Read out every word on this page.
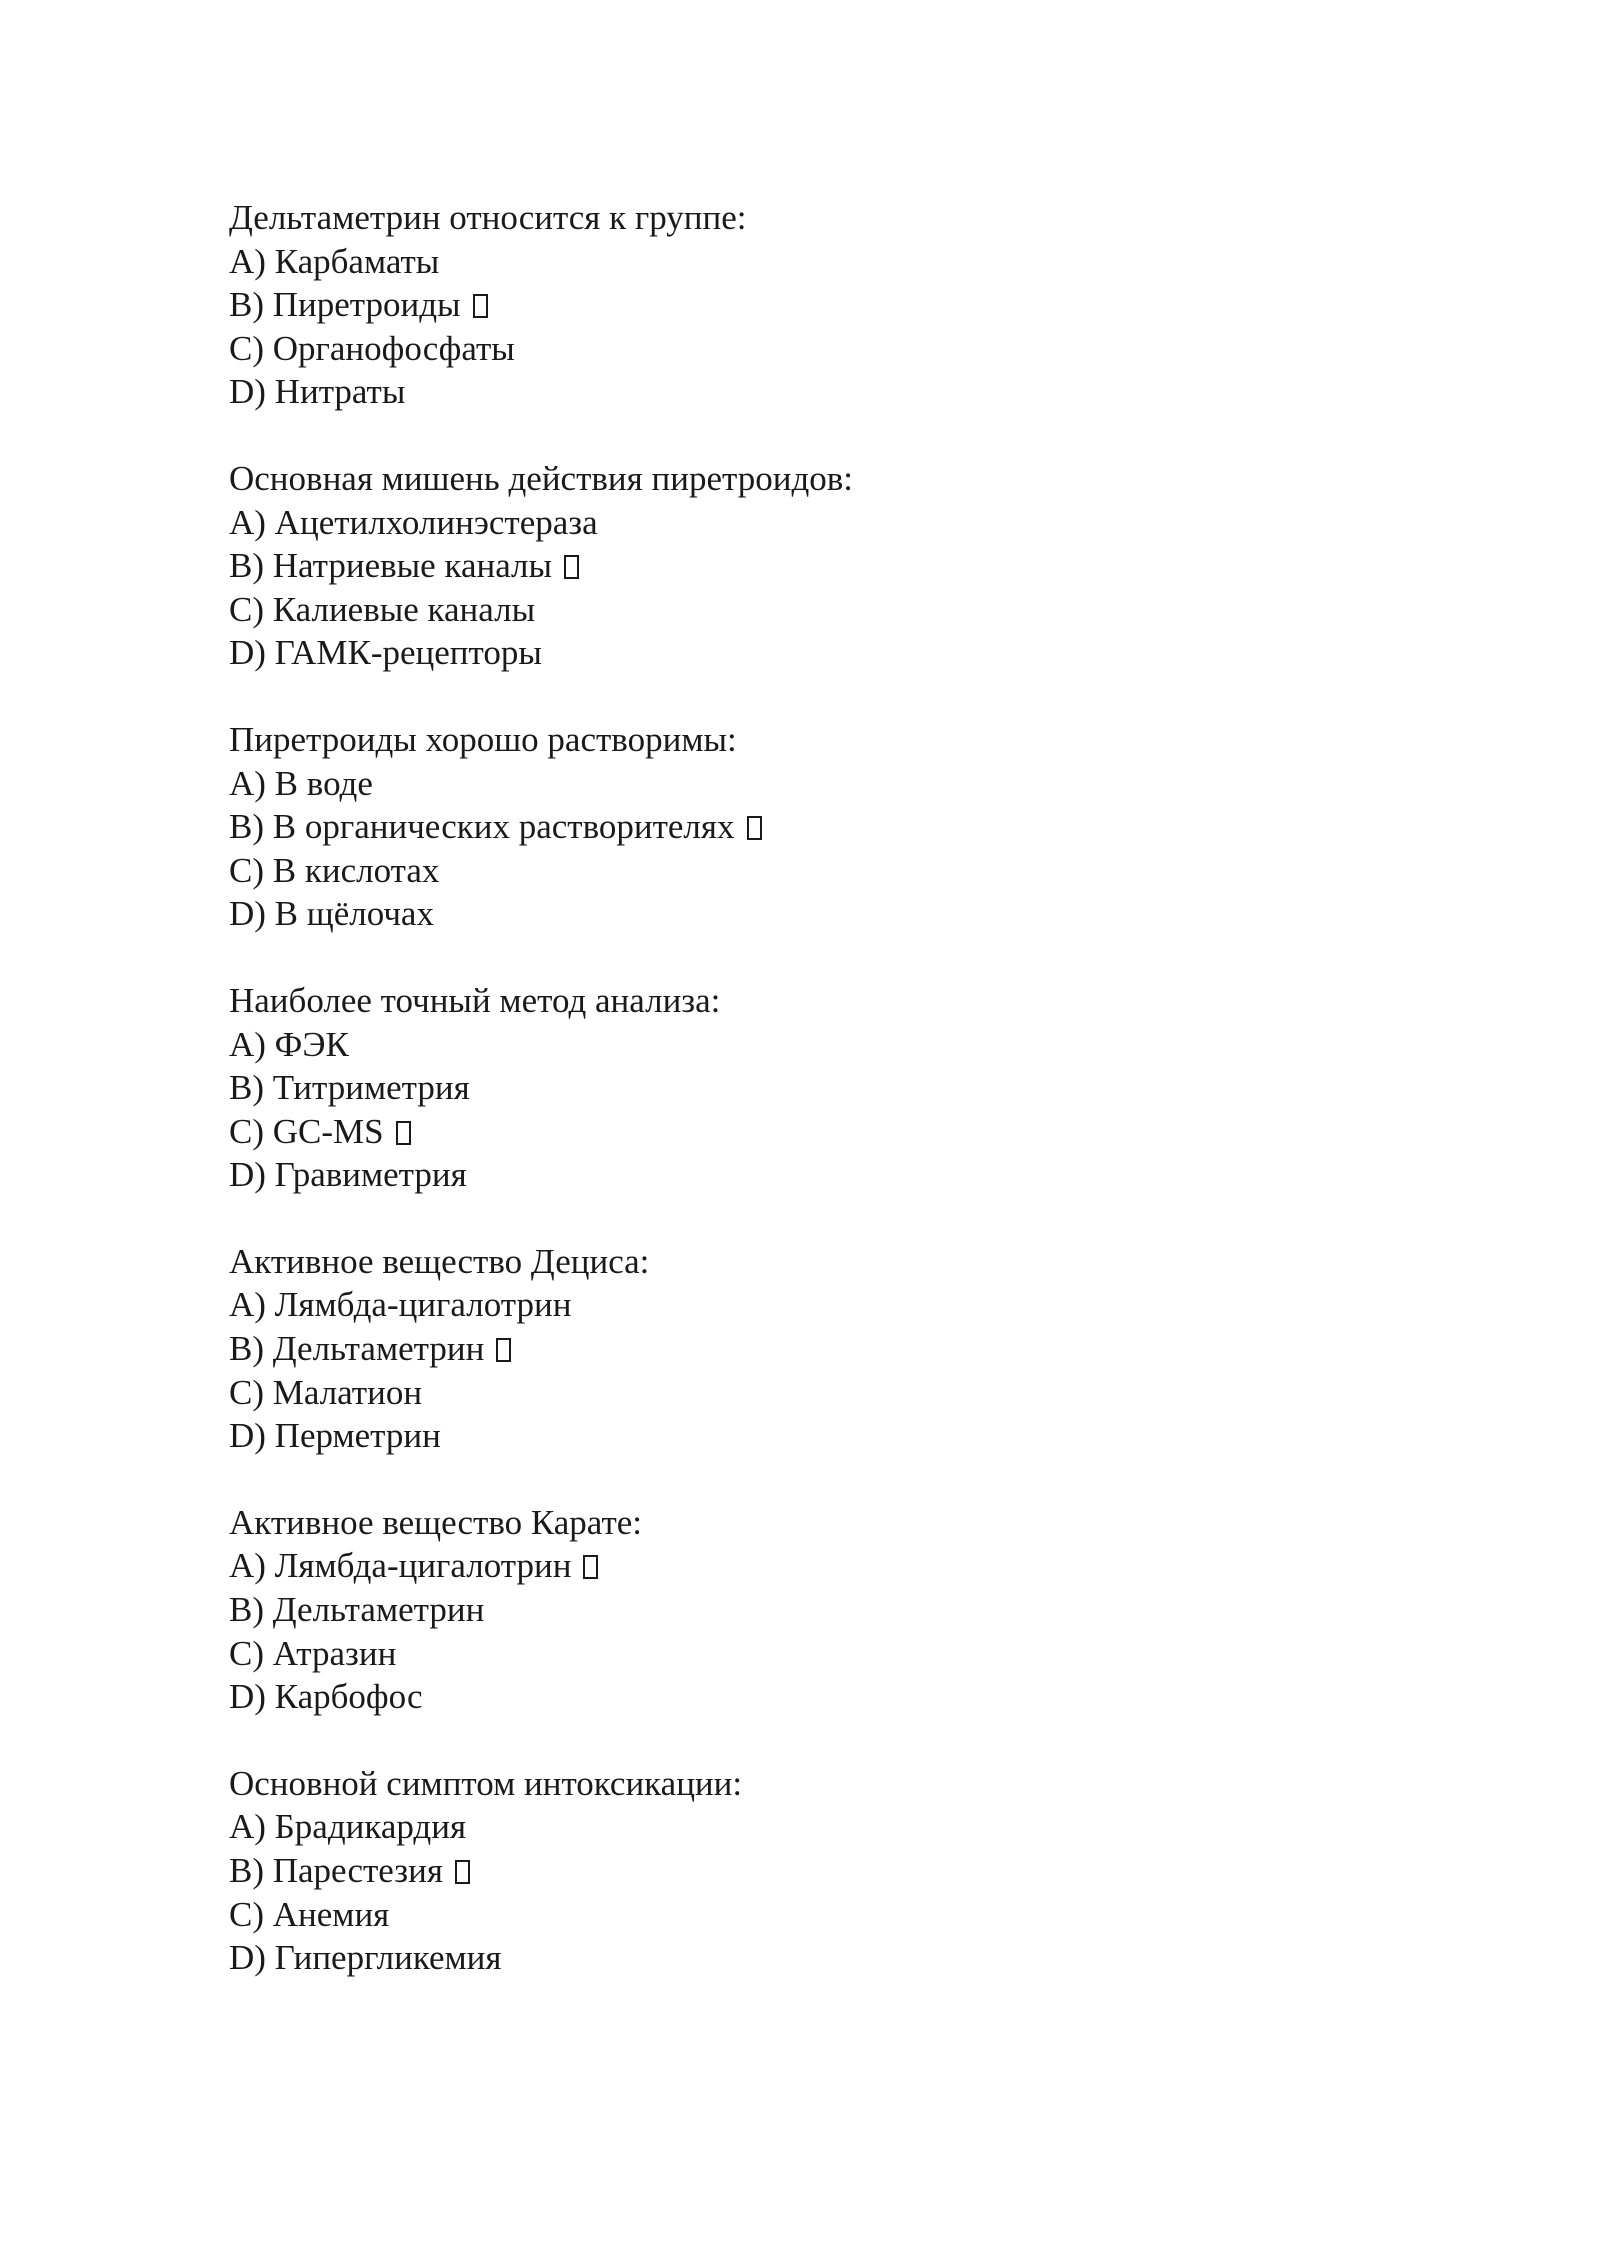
Дельтаметрин относится к группе:
A) Карбаматы
B) Пиретроиды
C) Органофосфаты
D) Нитраты
Основная мишень действия пиретроидов:
A) Ацетилхолинэстераза
B) Натриевые каналы
C) Калиевые каналы
D) ГАМК-рецепторы
Пиретроиды хорошо растворимы:
A) В воде
B) В органических растворителях
C) В кислотах
D) В щёлочах
Наиболее точный метод анализа:
A) ФЭК
B) Титриметрия
C) GC-MS
D) Гравиметрия
Активное вещество Дециса:
A) Лямбда-цигалотрин
B) Дельтаметрин
C) Малатион
D) Перметрин
Активное вещество Карате:
A) Лямбда-цигалотрин
B) Дельтаметрин
C) Атразин
D) Карбофос
Основной симптом интоксикации:
A) Брадикардия
B) Парестезия
C) Анемия
D) Гипергликемия
